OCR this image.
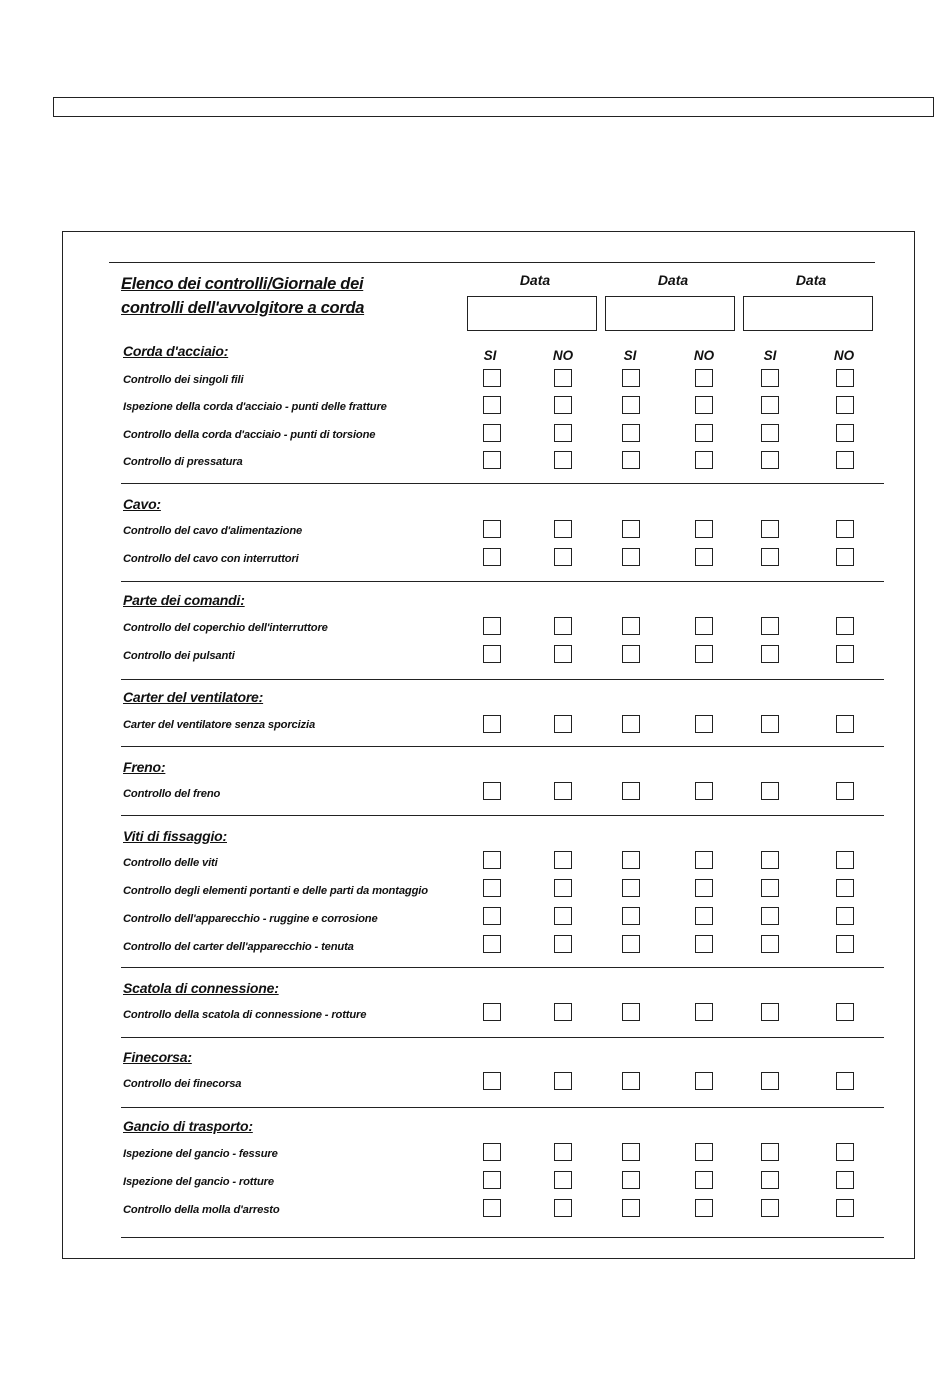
Elenco dei controlli/Giornale dei
controlli dell'avvolgitore a corda
Data	Data	Data
SI	NO	SI	NO	SI	NO
Corda d'acciaio:
Controllo dei singoli fili
Ispezione della corda d'acciaio - punti delle fratture
Controllo della corda d'acciaio - punti di torsione
Controllo di pressatura
Cavo:
Controllo del cavo d'alimentazione
Controllo del cavo con interruttori
Parte dei comandi:
Controllo del coperchio dell'interruttore
Controllo dei pulsanti
Carter del ventilatore:
Carter del ventilatore senza sporcizia
Freno:
Controllo del freno
Viti di fissaggio:
Controllo delle viti
Controllo degli elementi portanti e delle parti da montaggio
Controllo dell'apparecchio - ruggine e corrosione
Controllo del carter dell'apparecchio - tenuta
Scatola di connessione:
Controllo della scatola di connessione - rotture
Finecorsa:
Controllo dei finecorsa
Gancio di trasporto:
Ispezione del gancio - fessure
Ispezione del gancio - rotture
Controllo della molla d'arresto
